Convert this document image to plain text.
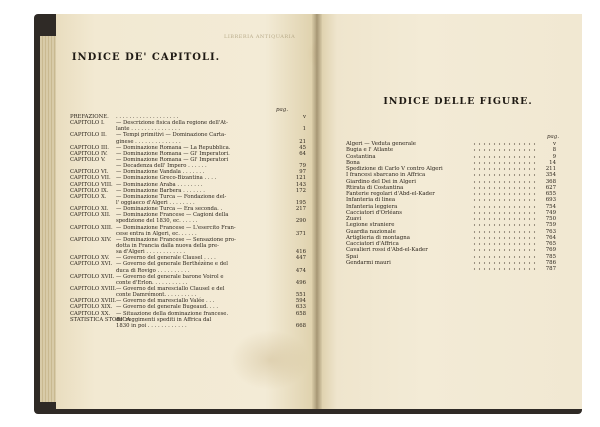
LIBRERIA ANTIQUARIA
INDICE DE' CAPITOLI.
pag.
PREFAZIONE. . . . . . . . . . . . . . . . . . . .	v
CAPITOLO I. — Descrizione fisica della regione dell'At-
lante . . . . . . . . . . . . . . .	1
CAPITOLO II. — Tempi primitivi — Dominazione Carta-
ginese . . . . . . . . . . . . . .	21
CAPITOLO III. — Dominazione Romana — La Repubblica.	45
CAPITOLO IV. — Dominazione Romana — Gl' Imperatori.	64
CAPITOLO V. — Dominazione Romana — Gl' Imperatori
— Decadenza dell' Impero . . . . . .	79
CAPITOLO VI. — Dominazione Vandala . . . . . . .	97
CAPITOLO VII. — Dominazione Greco-Bizantina . . . .	121
CAPITOLO VIII. — Dominazione Araba . . . . . . . .	143
CAPITOLO IX. — Dominazione Barbera . . . . . . .	172
CAPITOLO X. — Dominazione Turca — Fondazione del-
l' oggiaeco d'Algeri . . . . . . . .	195
CAPITOLO XI. — Dominazione Turca — Era seconda. .	217
CAPITOLO XII. — Dominazione Francese — Cagioni della
spedizione del 1830, ec. . . . . .	290
CAPITOLO XIII. — Dominazione Francese — L'esercito Fran-
cese entra in Algeri, ec. . . . . .	371
CAPITOLO XIV. — Dominazione Francese — Sensazione pro-
dotta in Francia dalla nuova della pre-
sa d'Algeri . . . . . . . . . . . .	416
CAPITOLO XV. — Governo del generale Clausel . . . .	447
CAPITOLO XVI. — Governo del generale Berthézène e del
duca di Rovigo . . . . . . . . . .	474
CAPITOLO XVII. — Governo del generale barone Voirol e
conte d'Erlon. . . . . . . . . . .	496
CAPITOLO XVIII. — Governo del maresciallo Clausel e del
conte Damrémont. . . . . . . . . .	551
CAPITOLO XVIII. — Governo del maresciallo Valée . . .	594
CAPITOLO XIX. — Governo del generale Bugeaud. . . .	633
CAPITOLO XX. — Situazione della dominazione francese.	658
STATISTICA STORICA
de' reggimenti spediti in Affrica dal
1830 in poi . . . . . . . . . . . .	668
INDICE DELLE FIGURE.
pag.
Algeri — Veduta generale	v
Bugia e l' Atlante	8
Costantina	9
Bona	14
Spedizione di Carlo V contro Algeri	211
I francesi sbarcano in Affrica	354
Giardino del Dei in Algeri	368
Rtirata di Costantina	627
Fanterie regolari d'Abd-el-Kader	655
Infanteria di linea	693
Infanteria leggiera	754
Cacciatori d'Orléans	749
Zuavi	750
Legione straniere	759
Guardia nazionale	763
Artiglieria di montagna	764
Cacciatori d'Affrica	765
Cavalieri rossi d'Abd-el-Kader	769
Spai	785
Gendarmi mauri	786
787
